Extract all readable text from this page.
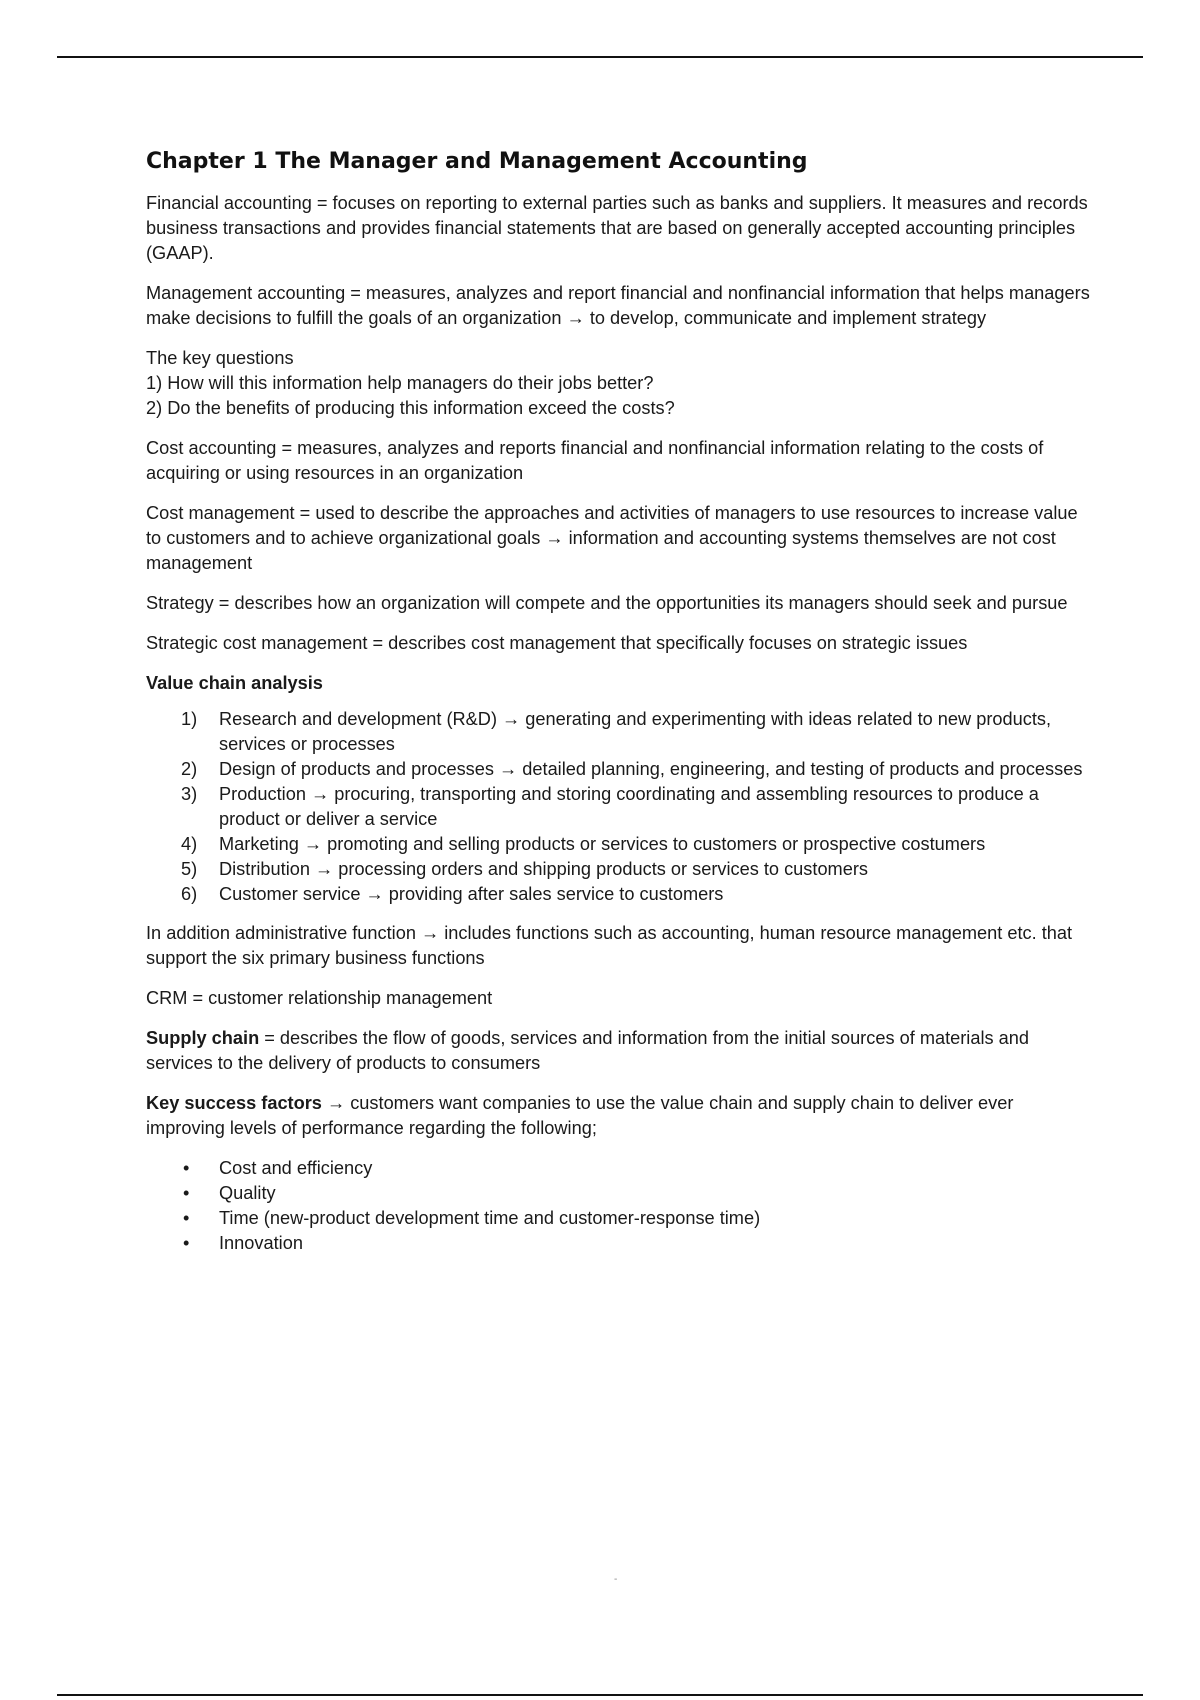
Chapter 1 The Manager and Management Accounting

Financial accounting = focuses on reporting to external parties such as banks and suppliers. It measures and records business transactions and provides financial statements that are based on generally accepted accounting principles (GAAP).

Management accounting = measures, analyzes and report financial and nonfinancial information that helps managers make decisions to fulfill the goals of an organization → to develop, communicate and implement strategy

The key questions

1) How will this information help managers do their jobs better?

2) Do the benefits of producing this information exceed the costs?

Cost accounting = measures, analyzes and reports financial and nonfinancial information relating to the costs of acquiring or using resources in an organization

Cost management = used to describe the approaches and activities of managers to use resources to increase value to customers and to achieve organizational goals → information and accounting systems themselves are not cost management

Strategy = describes how an organization will compete and the opportunities its managers should seek and pursue

Strategic cost management = describes cost management that specifically focuses on strategic issues

Value chain analysis
1) Research and development (R&D) → generating and experimenting with ideas related to new products, services or processes
2) Design of products and processes → detailed planning, engineering, and testing of products and processes
3) Production → procuring, transporting and storing coordinating and assembling resources to produce a product or deliver a service
4) Marketing → promoting and selling products or services to customers or prospective costumers
5) Distribution → processing orders and shipping products or services to customers
6) Customer service → providing after sales service to customers

In addition administrative function → includes functions such as accounting, human resource management etc. that support the six primary business functions

CRM = customer relationship management

Supply chain = describes the flow of goods, services and information from the initial sources of materials and services to the delivery of products to consumers

Key success factors → customers want companies to use the value chain and supply chain to deliver ever improving levels of performance regarding the following;

• Cost and efficiency
• Quality
• Time (new-product development time and customer-response time)
• Innovation
-
